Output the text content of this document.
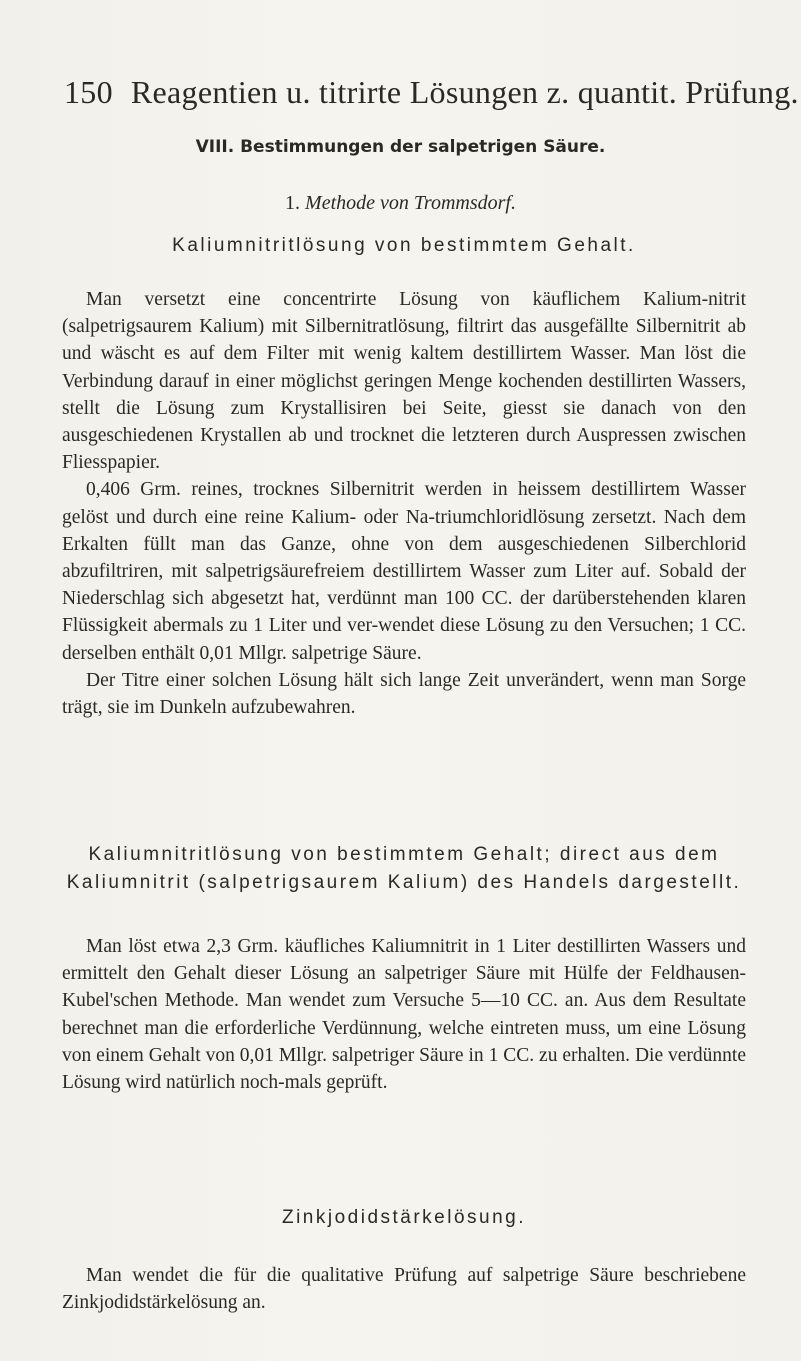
150 Reagentien u. titrirte Lösungen z. quantit. Prüfung.
VIII. Bestimmungen der salpetrigen Säure.
1. Methode von Trommsdorf.
Kaliumnitritlösung von bestimmtem Gehalt.

Man versetzt eine concentrirte Lösung von käuflichem Kalium-nitrit (salpetrigsaurem Kalium) mit Silbernitratlösung, filtrirt das ausgefällte Silbernitrit ab und wäscht es auf dem Filter mit wenig kaltem destillirtem Wasser. Man löst die Verbindung darauf in einer möglichst geringen Menge kochenden destillirten Wassers, stellt die Lösung zum Krystallisiren bei Seite, giesst sie danach von den ausgeschiedenen Krystallen ab und trocknet die letzteren durch Auspressen zwischen Fliesspapier.

0,406 Grm. reines, trocknes Silbernitrit werden in heissem destillirtem Wasser gelöst und durch eine reine Kalium- oder Na-triumchloridlösung zersetzt. Nach dem Erkalten füllt man das Ganze, ohne von dem ausgeschiedenen Silberchlorid abzufiltriren, mit salpetrigsäurefreiem destillirtem Wasser zum Liter auf. Sobald der Niederschlag sich abgesetzt hat, verdünnt man 100 CC. der darüberstehenden klaren Flüssigkeit abermals zu 1 Liter und ver-wendet diese Lösung zu den Versuchen; 1 CC. derselben enthält 0,01 Mllgr. salpetrige Säure.

Der Titre einer solchen Lösung hält sich lange Zeit unverändert, wenn man Sorge trägt, sie im Dunkeln aufzubewahren.

Kaliumnitritlösung von bestimmtem Gehalt; direct aus dem Kaliumnitrit (salpetrigsaurem Kalium) des Handels dargestellt.

Man löst etwa 2,3 Grm. käufliches Kaliumnitrit in 1 Liter destillirten Wassers und ermittelt den Gehalt dieser Lösung an salpetriger Säure mit Hülfe der Feldhausen-Kubel'schen Methode. Man wendet zum Versuche 5—10 CC. an. Aus dem Resultate berechnet man die erforderliche Verdünnung, welche eintreten muss, um eine Lösung von einem Gehalt von 0,01 Mllgr. salpetriger Säure in 1 CC. zu erhalten. Die verdünnte Lösung wird natürlich noch-mals geprüft.

Zinkjodidstärkelösung.

Man wendet die für die qualitative Prüfung auf salpetrige Säure beschriebene Zinkjodidstärkelösung an.
